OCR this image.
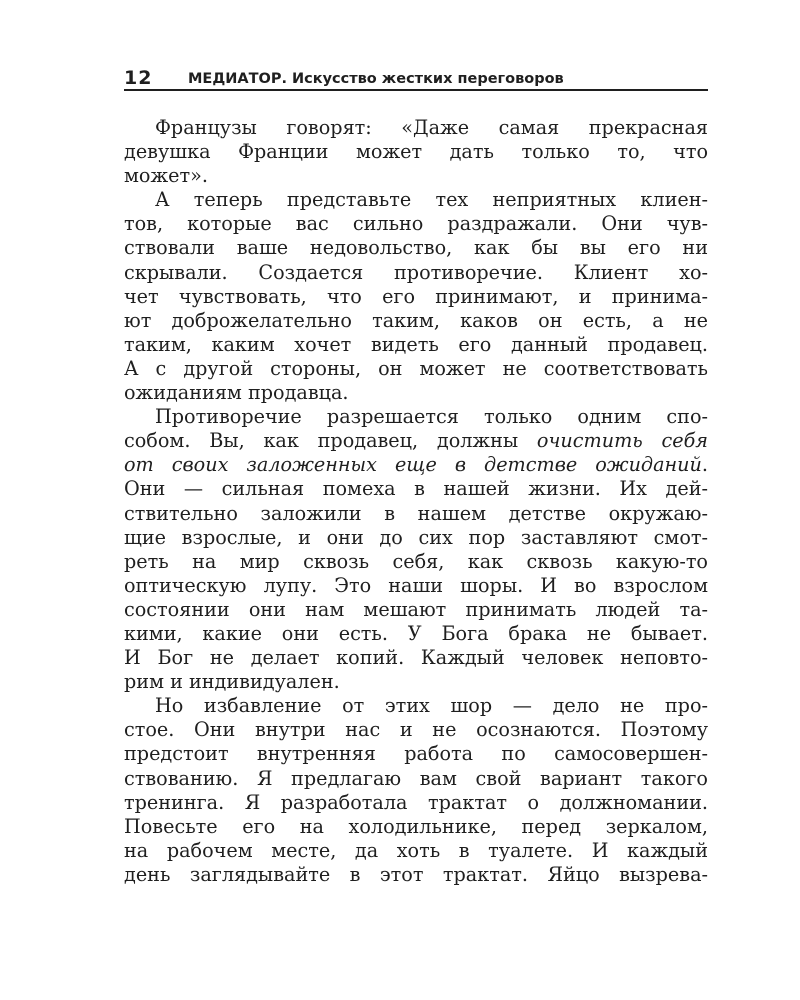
12 МЕДИАТОР. Искусство жестких переговоров
Французы говорят: «Даже самая прекрасная
девушка Франции может дать только то, что
может».
А теперь представьте тех неприятных клиен-
тов, которые вас сильно раздражали. Они чув-
ствовали ваше недовольство, как бы вы его ни
скрывали. Создается противоречие. Клиент хо-
чет чувствовать, что его принимают, и принима-
ют доброжелательно таким, каков он есть, а не
таким, каким хочет видеть его данный продавец.
А с другой стороны, он может не соответствовать
ожиданиям продавца.
Противоречие разрешается только одним спо-
собом. Вы, как продавец, должны очистить себя
от своих заложенных еще в детстве ожиданий.
Они — сильная помеха в нашей жизни. Их дей-
ствительно заложили в нашем детстве окружаю-
щие взрослые, и они до сих пор заставляют смот-
реть на мир сквозь себя, как сквозь какую-то
оптическую лупу. Это наши шоры. И во взрослом
состоянии они нам мешают принимать людей та-
кими, какие они есть. У Бога брака не бывает.
И Бог не делает копий. Каждый человек неповто-
рим и индивидуален.
Но избавление от этих шор — дело не про-
стое. Они внутри нас и не осознаются. Поэтому
предстоит внутренняя работа по самосовершен-
ствованию. Я предлагаю вам свой вариант такого
тренинга. Я разработала трактат о должномании.
Повесьте его на холодильнике, перед зеркалом,
на рабочем месте, да хоть в туалете. И каждый
день заглядывайте в этот трактат. Яйцо вызрева-
